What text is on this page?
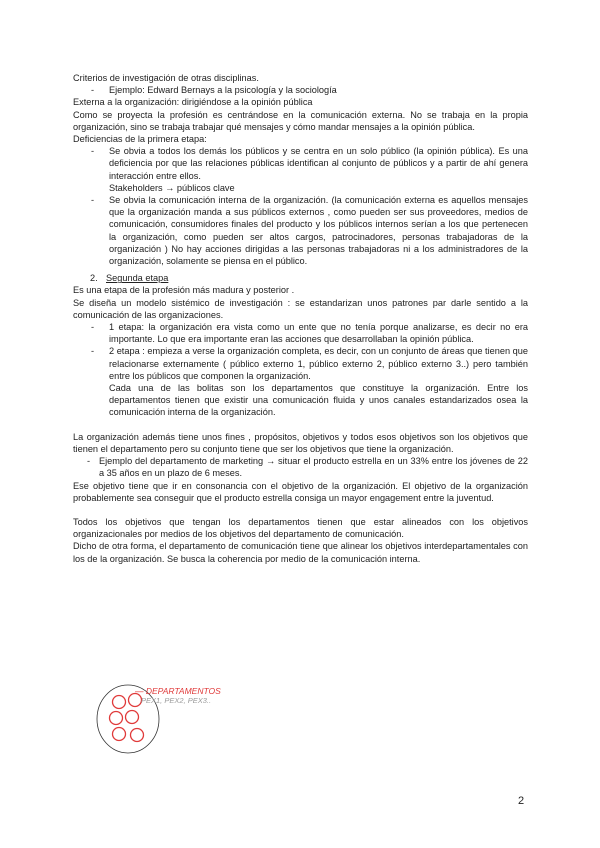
Criterios de investigación de otras disciplinas.

- Ejemplo: Edward Bernays a la psicología y la sociología

Externa a la organización: dirigiéndose a la opinión pública

Como se proyecta la profesión es centrándose en la comunicación externa. No se trabaja en la propia organización, sino se trabaja trabajar qué mensajes y cómo mandar mensajes a la opinión pública.

Deficiencias de la primera etapa:

- Se obvia a todos los demás los públicos y se centra en un solo público (la opinión pública). Es una deficiencia por que las relaciones públicas identifican al conjunto de públicos y a partir de ahí genera interacción entre ellos.

Stakeholders → públicos clave

- Se obvia la comunicación interna de la organización. (la comunicación externa es aquellos mensajes que la organización manda a sus públicos externos , como pueden ser sus proveedores, medios de comunicación, consumidores finales del producto y los públicos internos serían a los que pertenecen la organización, como pueden ser altos cargos, patrocinadores, personas trabajadoras de la organización ) No hay acciones dirigidas a las personas trabajadoras ni a los administradores de la organización, solamente se piensa en el público.

2. Segunda etapa

Es una etapa de la profesión más madura y posterior .

Se diseña un modelo sistémico de investigación : se estandarizan unos patrones par darle sentido a la comunicación de las organizaciones.

- 1 etapa: la organización era vista como un ente que no tenía porque analizarse, es decir no era importante. Lo que era importante eran las acciones que desarrollaban la opinión pública.
- 2 etapa : empieza a verse la organización completa, es decir, con un conjunto de áreas que tienen que relacionarse externamente ( público externo 1, público externo 2, público externo 3..) pero también entre los públicos que componen la organización.

Cada una de las bolitas son los departamentos que constituye la organización. Entre los departamentos tienen que existir una comunicación fluida y unos canales estandarizados osea la comunicación interna de la organización.

La organización además tiene unos fines , propósitos, objetivos y todos esos objetivos son los objetivos que tienen el departamento pero su conjunto tiene que ser los objetivos que tiene la organización.

- Ejemplo del departamento de marketing → situar el producto estrella en un 33% entre los jóvenes de 22 a 35 años en un plazo de 6 meses.

Ese objetivo tiene que ir en consonancia con el objetivo de la organización. El objetivo de la organización probablemente sea conseguir que el producto estrella consiga un mayor engagement entre la juventud.

Todos los objetivos que tengan los departamentos tienen que estar alineados con los objetivos organizacionales por medios de los objetivos del departamento de comunicación.

Dicho de otra forma, el departamento de comunicación tiene que alinear los objetivos interdepartamentales con los de la organización. Se busca la coherencia por medio de la comunicación interna.

— DEPARTAMENTOS
PEX1, PEX2, PEX3..
2
